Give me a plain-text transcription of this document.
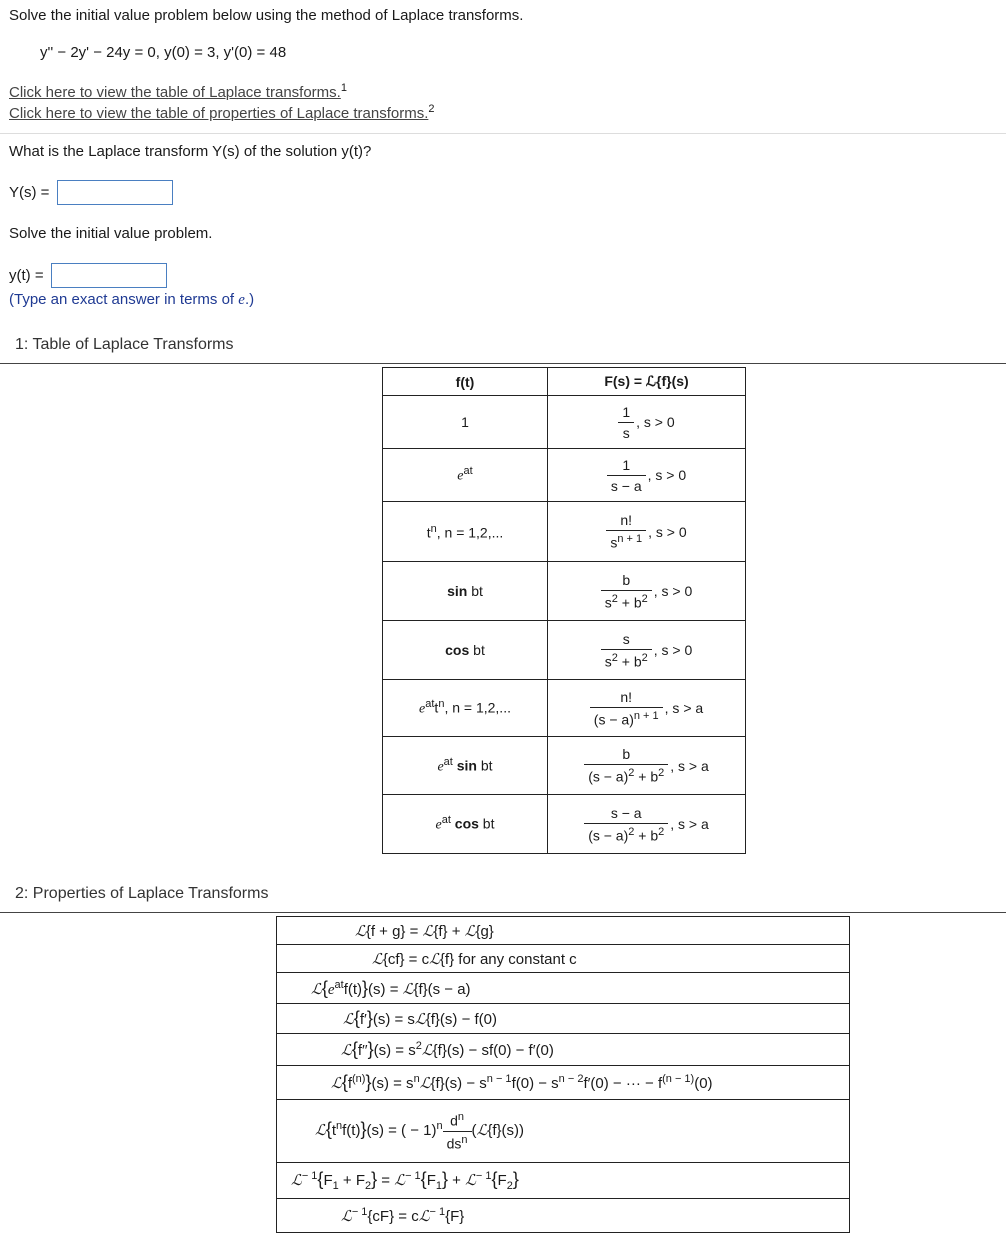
Solve the initial value problem below using the method of Laplace transforms.
y'' − 2y' − 24y = 0, y(0) = 3, y'(0) = 48
Click here to view the table of Laplace transforms.$^1$
Click here to view the table of properties of Laplace transforms.$^2$
What is the Laplace transform Y(s) of the solution y(t)?
Y(s) =
Solve the initial value problem.
y(t) =
(Type an exact answer in terms of e.)
1: Table of Laplace Transforms
f(t)	F(s) = ℒ{f}(s)
1	$\frac{1}{s}$ , s > 0
$e^{at}$	$\frac{1}{s - a}$ , s > 0
$t^n$, n = 1,2,...	$\frac{n!}{s^{n + 1}}$ , s > 0
sin bt	$\frac{b}{s^2 + b^2}$ , s > 0
cos bt	$\frac{s}{s^2 + b^2}$ , s > 0
$e^{at}t^n$, n = 1,2,...	$\frac{n!}{(s - a)^{n + 1}}$ , s > a
$e^{at}$ sin bt	$\frac{b}{(s - a)^2 + b^2}$ , s > a
$e^{at}$ cos bt	$\frac{s - a}{(s - a)^2 + b^2}$ , s > a
2: Properties of Laplace Transforms
ℒ{f + g} = ℒ{f} + ℒ{g}

ℒ{cf} = cℒ{f} for any constant c

$ℒ\{e^{at}f(t)\}(s)$ = ℒ{f}(s − a)

ℒ{f′}(s) = sℒ{f}(s) − f(0)

ℒ{f′′}(s) = $s^2ℒ\{f\}(s) - sf(0) - f'(0)$

$ℒ\{f^{(n)}\}(s)$ = $s^nℒ\{f\}(s) - s^{n - 1}f(0) - s^{n - 2}f'(0)$ − ··· − $f^{(n - 1)}(0)$

$ℒ\{t^nf(t)\}(s)$ = ( − $1)^n \frac{d^n}{ds^n}$ (ℒ{f}(s))

$ℒ^{- 1}\{F_1 + F_2\}$ = $ℒ^{- 1}\{F_1\}$ + $ℒ^{- 1}\{F_2\}$

ℒ$^{- 1}${cF} = cℒ$^{- 1}${F}
